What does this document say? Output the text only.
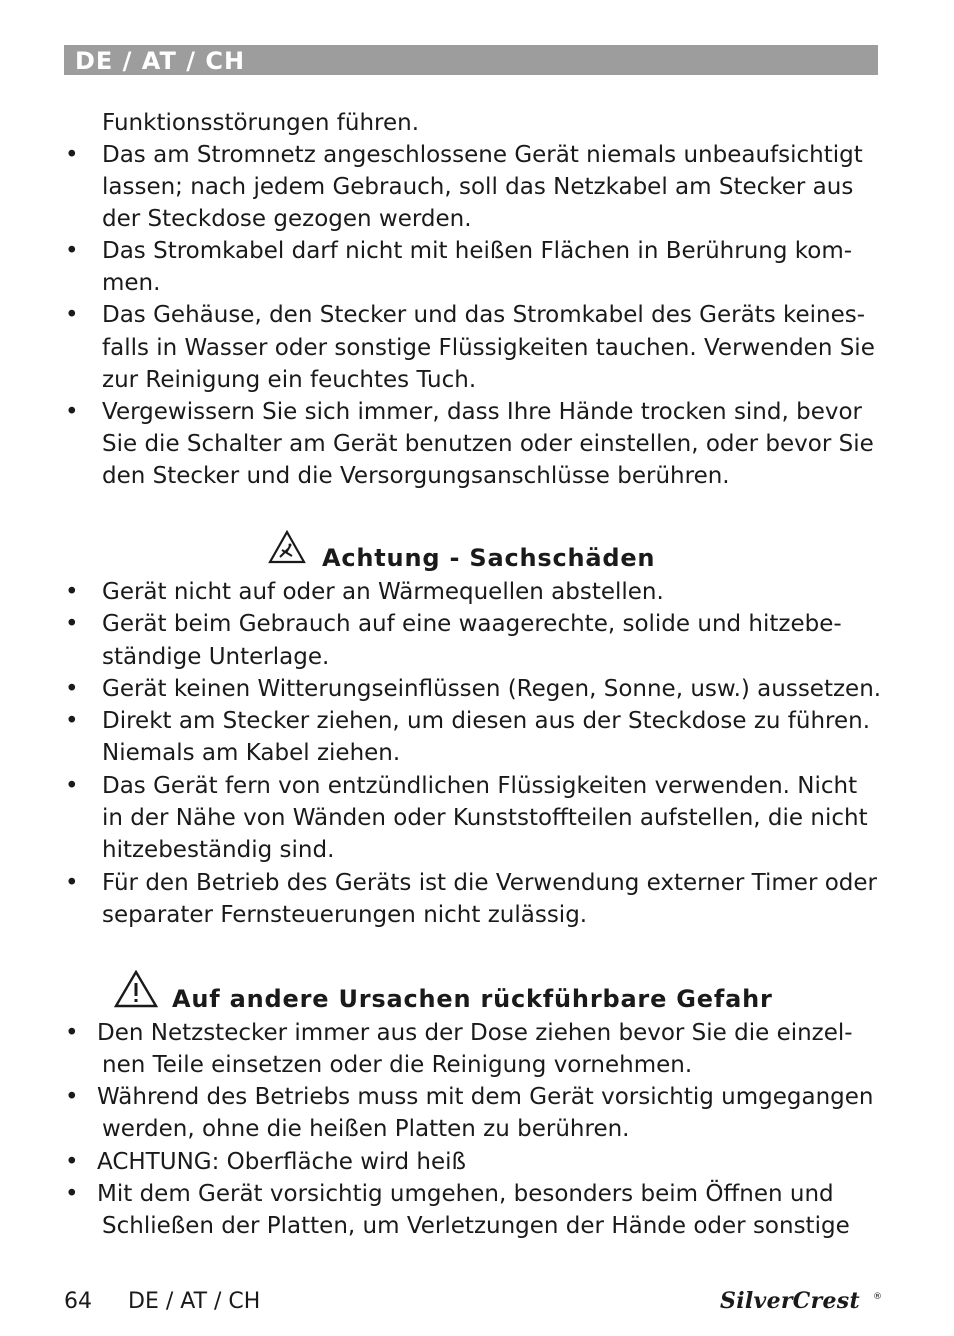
DE / AT / CH
Funktionsstörungen führen.
• Das am Stromnetz angeschlossene Gerät niemals unbeaufsichtigt
lassen; nach jedem Gebrauch, soll das Netzkabel am Stecker aus
der Steckdose gezogen werden.
• Das Stromkabel darf nicht mit heißen Flächen in Berührung kom-
men.
• Das Gehäuse, den Stecker und das Stromkabel des Geräts keines-
falls in Wasser oder sonstige Flüssigkeiten tauchen. Verwenden Sie
zur Reinigung ein feuchtes Tuch.
• Vergewissern Sie sich immer, dass Ihre Hände trocken sind, bevor
Sie die Schalter am Gerät benutzen oder einstellen, oder bevor Sie
den Stecker und die Versorgungsanschlüsse berühren.
Achtung - Sachschäden
• Gerät nicht auf oder an Wärmequellen abstellen.
• Gerät beim Gebrauch auf eine waagerechte, solide und hitzebe-
ständige Unterlage.
• Gerät keinen Witterungseinflüssen (Regen, Sonne, usw.) aussetzen.
• Direkt am Stecker ziehen, um diesen aus der Steckdose zu führen.
Niemals am Kabel ziehen.
• Das Gerät fern von entzündlichen Flüssigkeiten verwenden. Nicht
in der Nähe von Wänden oder Kunststoffteilen aufstellen, die nicht
hitzebeständig sind.
• Für den Betrieb des Geräts ist die Verwendung externer Timer oder
separater Fernsteuerungen nicht zulässig.
Auf andere Ursachen rückführbare Gefahr
• Den Netzstecker immer aus der Dose ziehen bevor Sie die einzel-
nen Teile einsetzen oder die Reinigung vornehmen.
• Während des Betriebs muss mit dem Gerät vorsichtig umgegangen
werden, ohne die heißen Platten zu berühren.
• ACHTUNG: Oberfläche wird heiß
• Mit dem Gerät vorsichtig umgehen, besonders beim Öffnen und
Schließen der Platten, um Verletzungen der Hände oder sonstige
64 DE / AT / CH	SilverCrest ®
